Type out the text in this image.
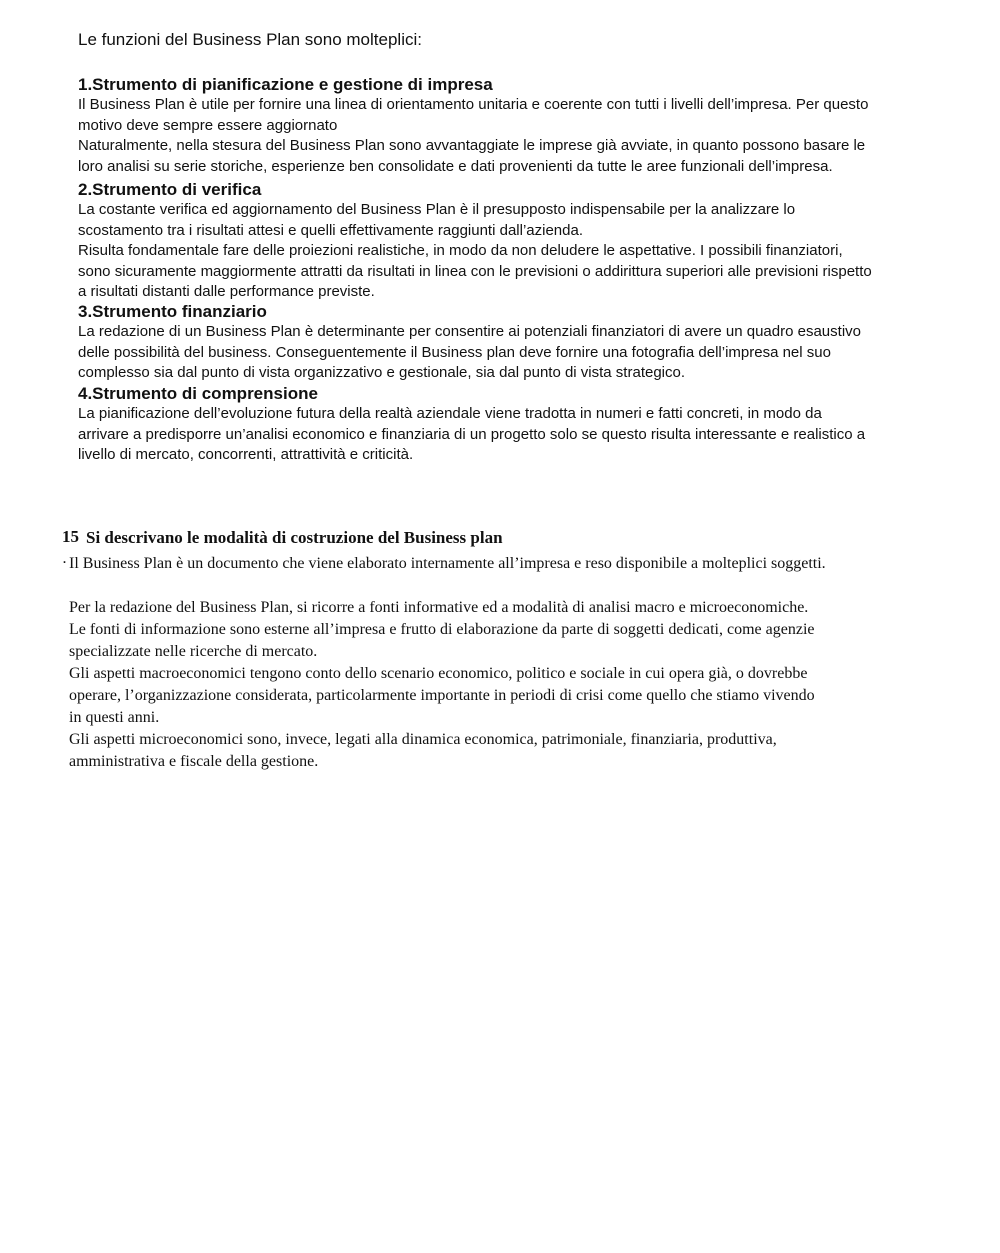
Le funzioni del Business Plan sono molteplici:
1.Strumento di pianificazione e gestione di impresa
Il Business Plan è utile per fornire una linea di orientamento unitaria e coerente con tutti i livelli dell’impresa. Per questo
motivo deve sempre essere aggiornato
Naturalmente, nella stesura del Business Plan sono avvantaggiate le imprese già avviate, in quanto possono basare le
loro analisi su serie storiche, esperienze ben consolidate e dati provenienti da tutte le aree funzionali dell’impresa.
2.Strumento di verifica
La costante verifica ed aggiornamento del Business Plan è il presupposto indispensabile per la analizzare lo
scostamento tra i risultati attesi e quelli effettivamente raggiunti dall’azienda.
Risulta fondamentale fare delle proiezioni realistiche, in modo da non deludere le aspettative. I possibili finanziatori,
sono sicuramente maggiormente attratti da risultati in linea con le previsioni o addirittura superiori alle previsioni rispetto
a risultati distanti dalle performance previste.
3.Strumento finanziario
La redazione di un Business Plan è determinante per consentire ai potenziali finanziatori di avere un quadro esaustivo
delle possibilità del business. Conseguentemente il Business plan deve fornire una fotografia dell’impresa nel suo
complesso sia dal punto di vista organizzativo e gestionale, sia dal punto di vista strategico.
4.Strumento di comprensione
La pianificazione dell’evoluzione futura della realtà aziendale viene tradotta in numeri e fatti concreti, in modo da
arrivare a predisporre un’analisi economico e finanziaria di un progetto solo se questo risulta interessante e realistico a
livello di mercato, concorrenti, attrattività e criticità.
15
.
Si descrivano le modalità di costruzione del Business plan
Il Business Plan è un documento che viene elaborato internamente all’impresa e reso disponibile a molteplici soggetti.

Per la redazione del Business Plan, si ricorre a fonti informative ed a modalità di analisi macro e microeconomiche.

Le fonti di informazione sono esterne all’impresa e frutto di elaborazione da parte di soggetti dedicati, come agenzie

specializzate nelle ricerche di mercato.

Gli aspetti macroeconomici tengono conto dello scenario economico, politico e sociale in cui opera già, o dovrebbe

operare, l’organizzazione considerata, particolarmente importante in periodi di crisi come quello che stiamo vivendo

in questi anni.

Gli aspetti microeconomici sono, invece, legati alla dinamica economica, patrimoniale, finanziaria, produttiva,

amministrativa e fiscale della gestione.
